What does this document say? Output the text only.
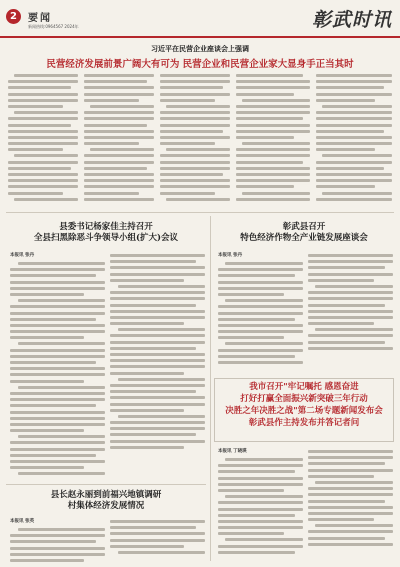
2	要闻
新闻热线:0964567 2024年	彰武时讯
习近平在民营企业座谈会上强调
民营经济发展前景广阔大有可为 民营企业和民营企业家大显身手正当其时
县委书记杨家佳主持召开
全县扫黑除恶斗争领导小组(扩大)会议
本报讯 张丹
彰武县召开
特色经济作物全产业链发展座谈会
本报讯 张丹
我市召开"牢记嘱托 感恩奋进
打好打赢全面振兴新突破三年行动
决胜之年决胜之战"第二场专题新闻发布会
彰武县作主持发布并答记者问
本报讯 丁晓瑛
县长赵永丽到前福兴地镇调研
村集体经济发展情况
本报讯 张英
